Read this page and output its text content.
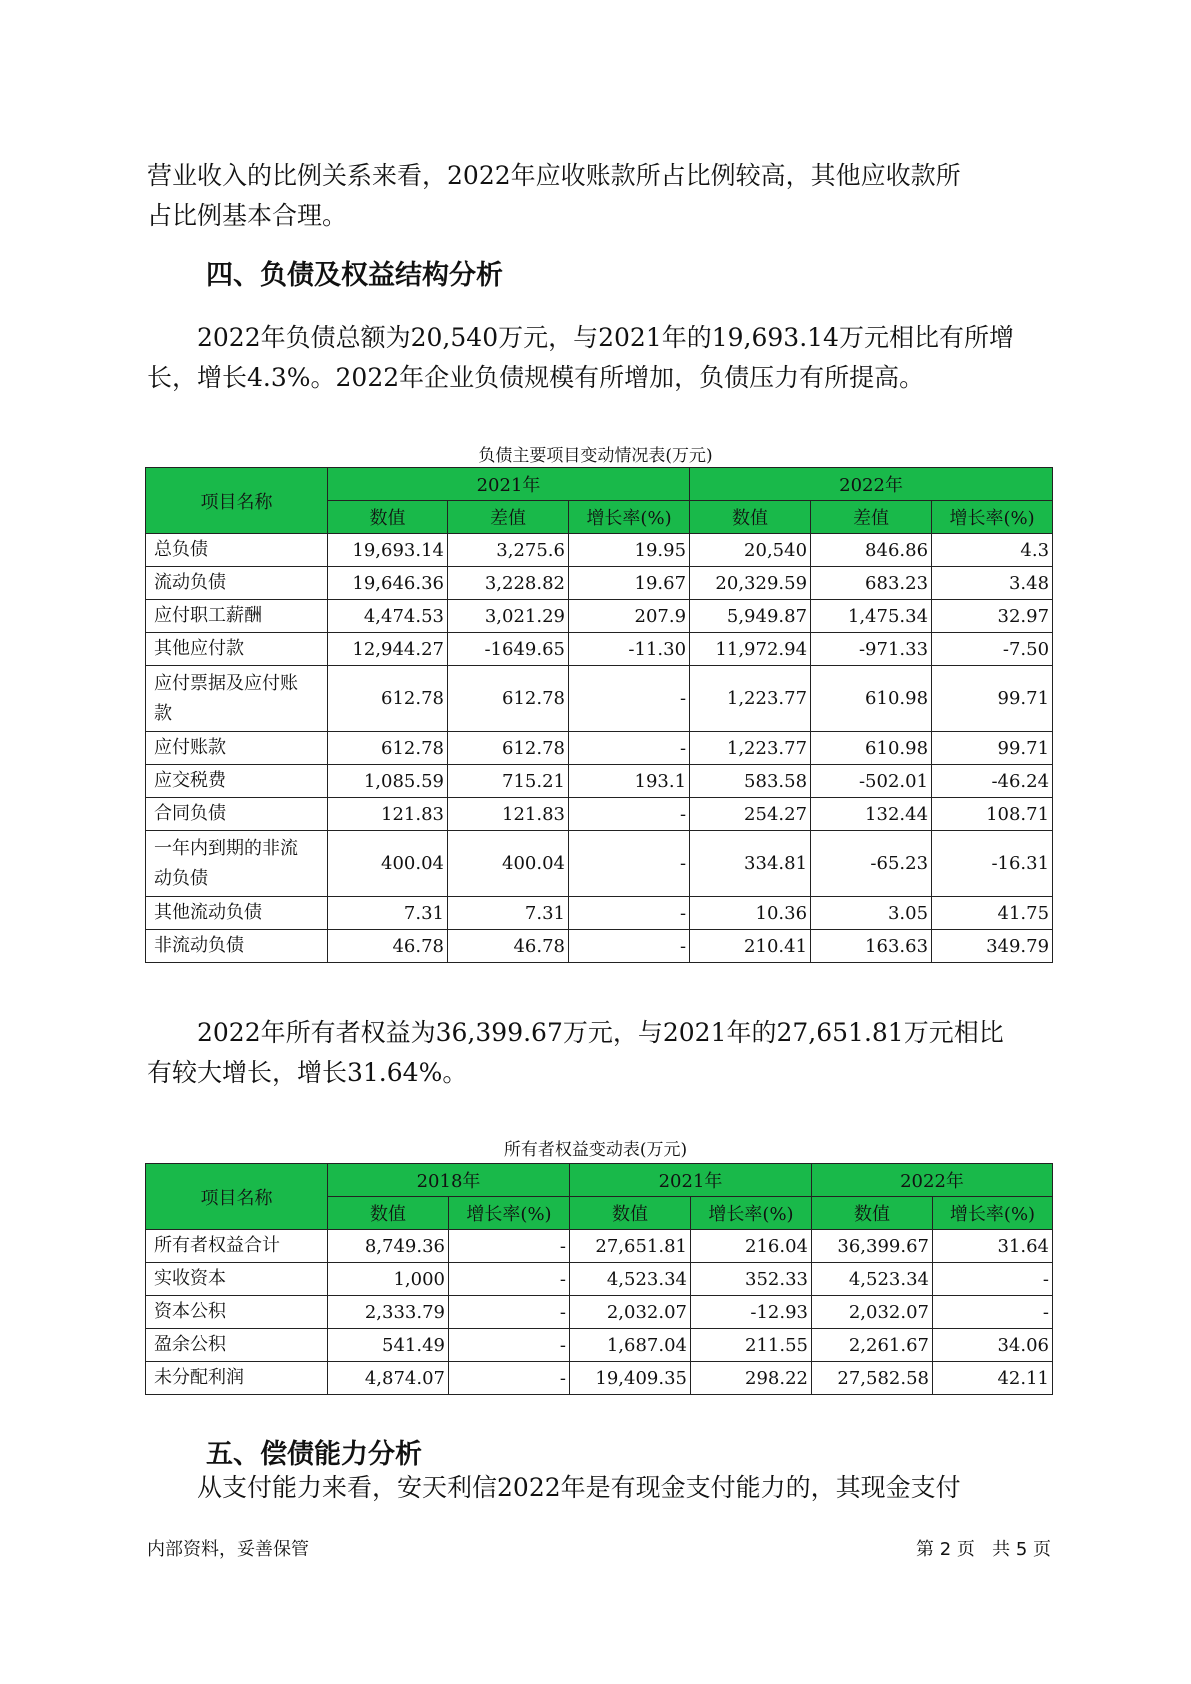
营业收入的比例关系来看，2022年应收账款所占比例较高，其他应收款所
占比例基本合理。

四、负债及权益结构分析

　　2022年负债总额为20,540万元，与2021年的19,693.14万元相比有所增
长，增长4.3%。2022年企业负债规模有所增加，负债压力有所提高。

负债主要项目变动情况表(万元)

项目名称	2021年			2022年		
	数值	差值	增长率(%)	数值	差值	增长率(%)
总负债	19,693.14	3,275.6	19.95	20,540	846.86	4.3
流动负债	19,646.36	3,228.82	19.67	20,329.59	683.23	3.48
应付职工薪酬	4,474.53	3,021.29	207.9	5,949.87	1,475.34	32.97
其他应付款	12,944.27	-1649.65	-11.30	11,972.94	-971.33	-7.50

应付票据及应付账
款	612.78	612.78	-	1,223.77	610.98	99.71
应付账款	612.78	612.78	-	1,223.77	610.98	99.71
应交税费	1,085.59	715.21	193.1	583.58	-502.01	-46.24
合同负债	121.83	121.83	-	254.27	132.44	108.71

一年内到期的非流
动负债	400.04	400.04	-	334.81	-65.23	-16.31
其他流动负债	7.31	7.31	-	10.36	3.05	41.75
非流动负债	46.78	46.78	-	210.41	163.63	349.79

　　2022年所有者权益为36,399.67万元，与2021年的27,651.81万元相比
有较大增长，增长31.64%。

所有者权益变动表(万元)

项目名称	2018年		2021年		2022年	
	数值	增长率(%)	数值	增长率(%)	数值	增长率(%)
所有者权益合计	8,749.36	-	27,651.81	216.04	36,399.67	31.64
实收资本	1,000	-	4,523.34	352.33	4,523.34	-
资本公积	2,333.79	-	2,032.07	-12.93	2,032.07	-
盈余公积	541.49	-	1,687.04	211.55	2,261.67	34.06
未分配利润	4,874.07	-	19,409.35	298.22	27,582.58	42.11
五、偿债能力分析

　　从支付能力来看，安天利信2022年是有现金支付能力的，其现金支付

内部资料，妥善保管	第 2 页   共 5 页
